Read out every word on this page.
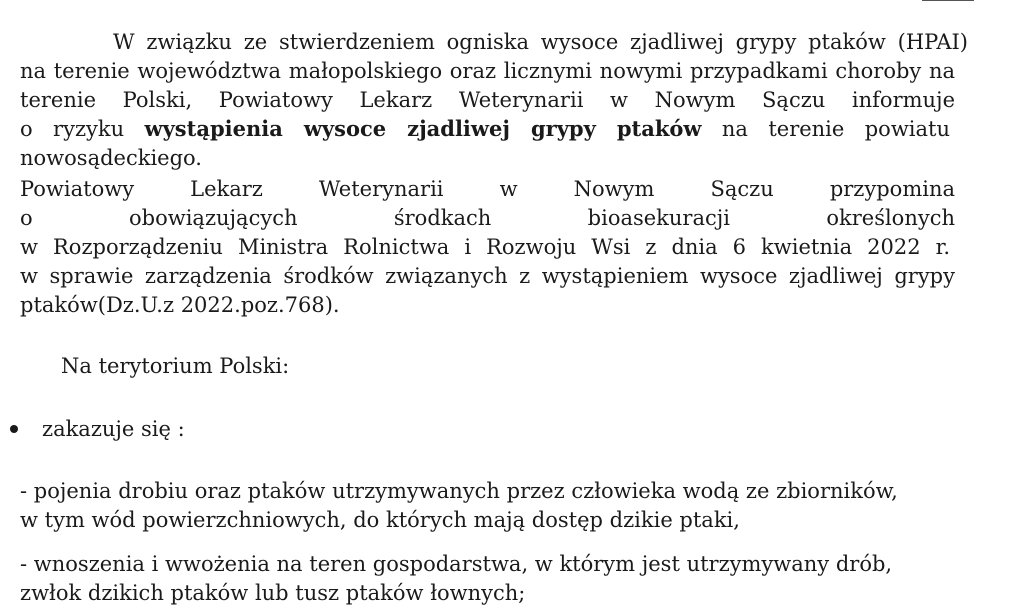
W związku ze stwierdzeniem ogniska wysoce zjadliwej grypy ptaków (HPAI)
na terenie województwa małopolskiego oraz licznymi nowymi przypadkami choroby na
terenie Polski, Powiatowy Lekarz Weterynarii w Nowym Sączu informuje
o ryzyku wystąpienia wysoce zjadliwej grypy ptaków na terenie powiatu
nowosądeckiego.
Powiatowy Lekarz Weterynarii w Nowym Sączu przypomina
o obowiązujących środkach bioasekuracji określonych
w Rozporządzeniu Ministra Rolnictwa i Rozwoju Wsi z dnia 6 kwietnia 2022 r.
w sprawie zarządzenia środków związanych z wystąpieniem wysoce zjadliwej grypy
ptaków(Dz.U.z 2022.poz.768).
Na terytorium Polski:
zakazuje się :
- pojenia drobiu oraz ptaków utrzymywanych przez człowieka wodą ze zbiorników,
w tym wód powierzchniowych, do których mają dostęp dzikie ptaki,
- wnoszenia i wwożenia na teren gospodarstwa, w którym jest utrzymywany drób,
zwłok dzikich ptaków lub tusz ptaków łownych;
